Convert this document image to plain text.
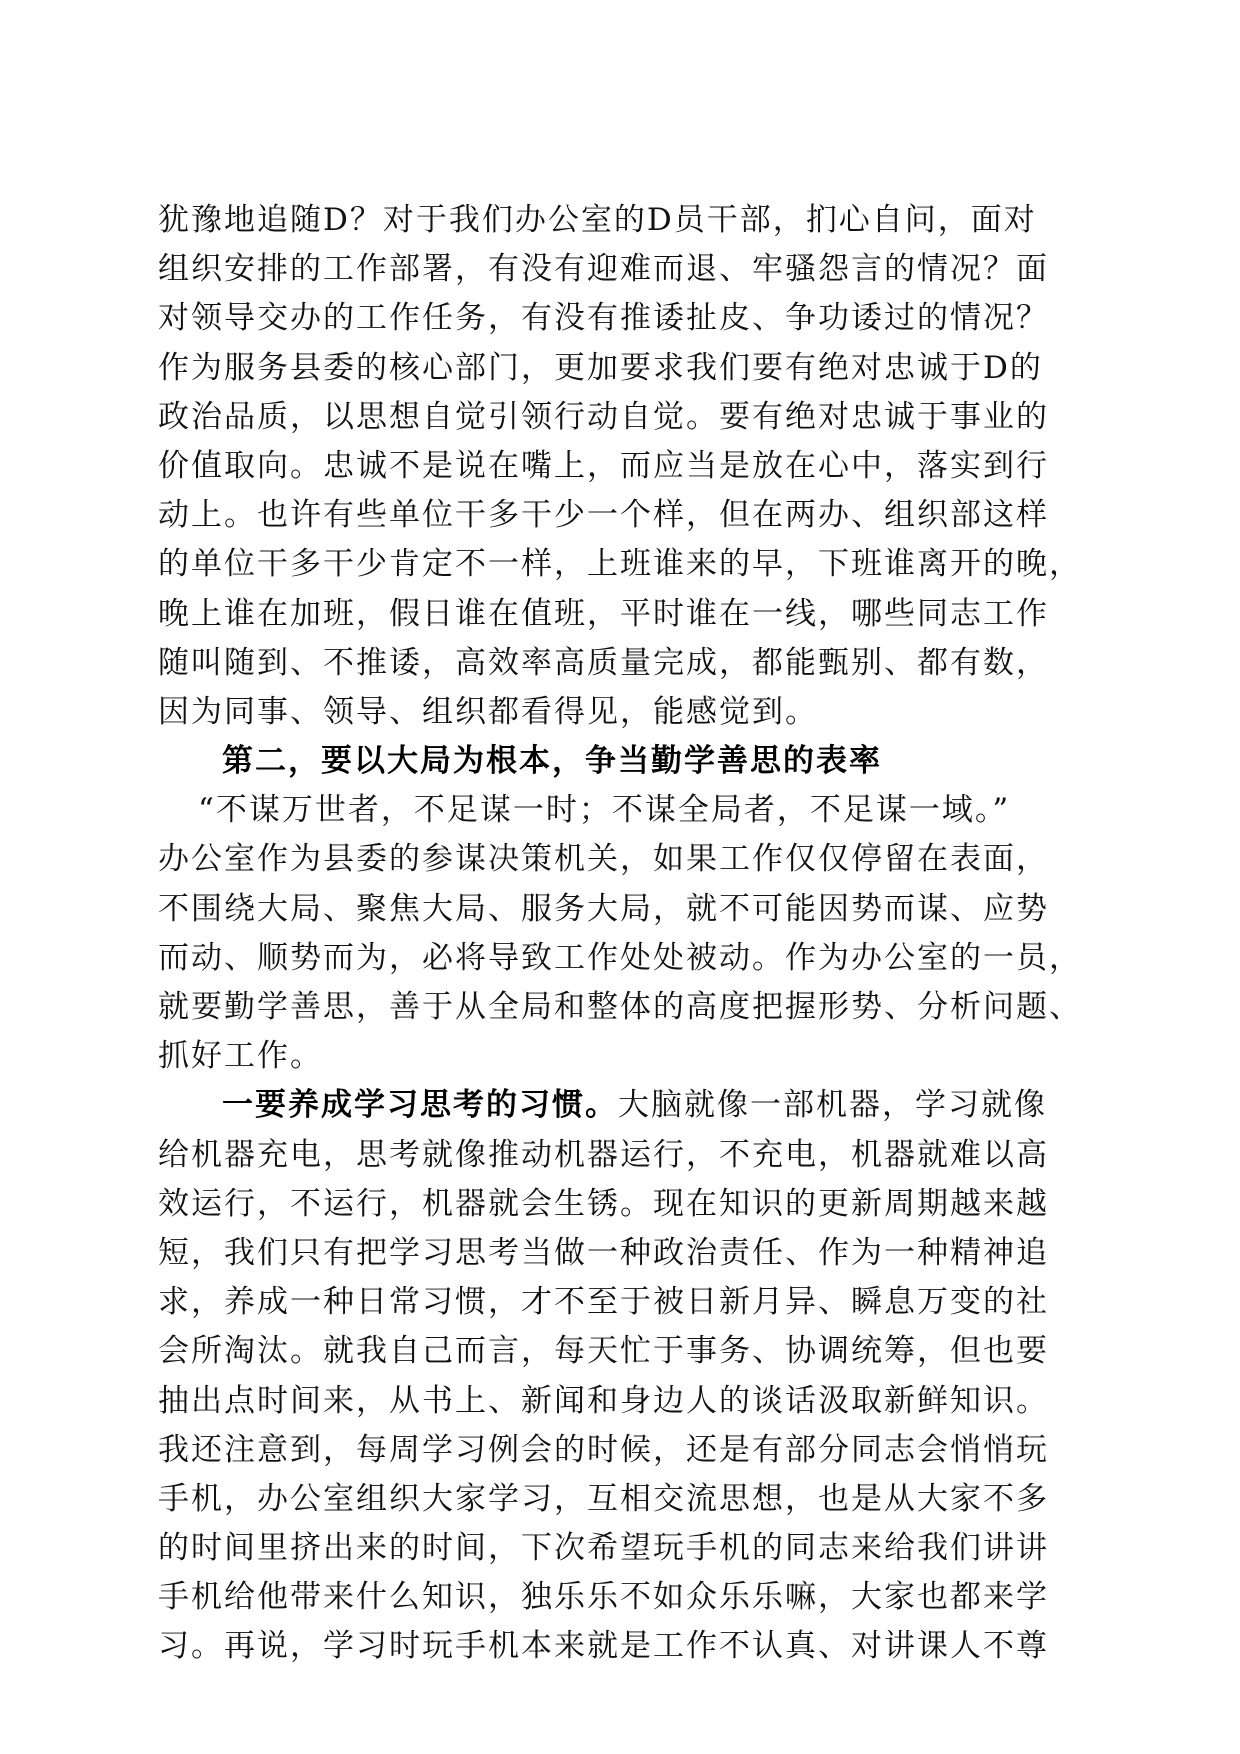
犹豫地追随D？对于我们办公室的D员干部，扪心自问，面对
组织安排的工作部署，有没有迎难而退、牢骚怨言的情况？面
对领导交办的工作任务，有没有推诿扯皮、争功诿过的情况？
作为服务县委的核心部门，更加要求我们要有绝对忠诚于D的
政治品质，以思想自觉引领行动自觉。要有绝对忠诚于事业的
价值取向。忠诚不是说在嘴上，而应当是放在心中，落实到行
动上。也许有些单位干多干少一个样，但在两办、组织部这样
的单位干多干少肯定不一样，上班谁来的早，下班谁离开的晚，
晚上谁在加班，假日谁在值班，平时谁在一线，哪些同志工作
随叫随到、不推诿，高效率高质量完成，都能甄别、都有数，
因为同事、领导、组织都看得见，能感觉到。
第二，要以大局为根本，争当勤学善思的表率
“不谋万世者，不足谋一时；不谋全局者，不足谋一域。”
办公室作为县委的参谋决策机关，如果工作仅仅停留在表面，
不围绕大局、聚焦大局、服务大局，就不可能因势而谋、应势
而动、顺势而为，必将导致工作处处被动。作为办公室的一员，
就要勤学善思，善于从全局和整体的高度把握形势、分析问题、
抓好工作。
一要养成学习思考的习惯。大脑就像一部机器，学习就像
给机器充电，思考就像推动机器运行，不充电，机器就难以高
效运行，不运行，机器就会生锈。现在知识的更新周期越来越
短，我们只有把学习思考当做一种政治责任、作为一种精神追
求，养成一种日常习惯，才不至于被日新月异、瞬息万变的社
会所淘汰。就我自己而言，每天忙于事务、协调统筹，但也要
抽出点时间来，从书上、新闻和身边人的谈话汲取新鲜知识。
我还注意到，每周学习例会的时候，还是有部分同志会悄悄玩
手机，办公室组织大家学习，互相交流思想，也是从大家不多
的时间里挤出来的时间，下次希望玩手机的同志来给我们讲讲
手机给他带来什么知识，独乐乐不如众乐乐嘛，大家也都来学
习。再说，学习时玩手机本来就是工作不认真、对讲课人不尊
